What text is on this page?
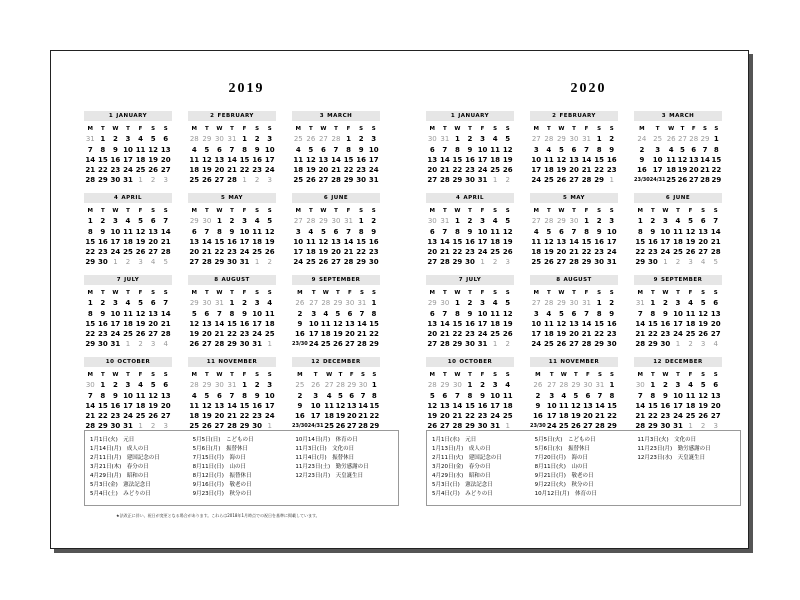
2019
1 JANUARY
M	T	W	T	F	S	S
31 1	2	3	4	5	6
7	8	9 10 11 12 13
14 15 16 17 18 19 20
21 22 23 24 25 26 27
28 29 30 31 1	2	3
2 FEBRUARY
M	T	W	T	F	S	S
28 29 30 31 1	2	3
4	5	6	7	8	9 10
11 12 13 14 15 16 17
18 19 20 21 22 23 24
25 26 27 28 1	2	3
3 MARCH
M	T	W	T	F	S	S
25 26 27 28 1	2	3
4	5	6	7	8	9 10
11 12 13 14 15 16 17
18 19 20 21 22 23 24
25 26 27 28 29 30 31
4 APRIL
M	T	W	T	F	S	S
1	2	3	4	5	6	7
8	9 10 11 12 13 14
15 16 17 18 19 20 21
22 23 24 25 26 27 28
29 30 1	2	3	4	5
5 MAY
M	T	W	T	F	S	S
29 30 1	2	3	4	5
6	7	8	9 10 11 12
13 14 15 16 17 18 19
20 21 22 23 24 25 26
27 28 29 30 31 1	2
6 JUNE
M	T	W	T	F	S	S
27 28 29 30 31 1	2
3	4	5	6	7	8	9
10 11 12 13 14 15 16
17 18 19 20 21 22 23
24 25 26 27 28 29 30
7 JULY
M	T	W	T	F	S	S
1	2	3	4	5	6	7
8	9 10 11 12 13 14
15 16 17 18 19 20 21
22 23 24 25 26 27 28
29 30 31 1	2	3	4
8 AUGUST
M	T	W	T	F	S	S
29 30 31 1	2	3	4
5	6	7	8	9 10 11
12 13 14 15 16 17 18
19 20 21 22 23 24 25
26 27 28 29 30 31 1
9 SEPTEMBER
M	T	W	T	F	S	S
26 27 28 29 30 31 1
2	3	4	5	6	7	8
9 10 11 12 13 14 15
16 17 18 19 20 21 22
23/30 24 25 26 27 28 29
10 OCTOBER
M	T	W	T	F	S	S
30 1	2	3	4	5	6
7	8	9 10 11 12 13
14 15 16 17 18 19 20
21 22 23 24 25 26 27
28 29 30 31 1	2	3
11 NOVEMBER
M	T	W	T	F	S	S
28 29 30 31 1	2	3
4	5	6	7	8	9 10
11 12 13 14 15 16 17
18 19 20 21 22 23 24
25 26 27 28 29 30 1
12 DECEMBER
M	T	W	T	F	S	S
25 26 27 28 29 30 1
2	3	4 5 6 7 8
9	10 11 12 13 14 15
16 17 18 19 20 21 22
23/30 24/31 25 26 27 28 29
1月1日(火)　元日
1月14日(月)　成人の日
2月11日(月)　建国記念の日
3月21日(木)　春分の日
4月29日(月)　昭和の日
5月3日(金)　憲法記念日
5月4日(土)　みどりの日
5月5日(日)　こどもの日
5月6日(月)　振替休日
7月15日(月)　海の日
8月11日(日)　山の日
8月12日(月)　振替休日
9月16日(月)　敬老の日
9月23日(月)　秋分の日
10月14日(月)　体育の日
11月3日(日)　文化の日
11月4日(月)　振替休日
11月23日(土)　勤労感謝の日
12月23日(月)　天皇誕生日
2020
1 JANUARY
M	T	W	T	F	S	S
30 31 1	2	3	4	5
6	7	8	9 10 11 12
13 14 15 16 17 18 19
20 21 22 23 24 25 26
27 28 29 30 31 1	2
2 FEBRUARY
M	T	W	T	F	S	S
27 28 29 30 31 1	2
3	4	5	6	7	8	9
10 11 12 13 14 15 16
17 18 19 20 21 22 23
24 25 26 27 28 29 1
3 MARCH
M	T	W	T	F	S	S
24 25 26 27 28 29 1
2	3	4 5 6 7 8
9	10 11 12 13 14 15
16 17 18 19 20 21 22
23/30 24/31 25 26 27 28 29
4 APRIL
M	T	W	T	F	S	S
30 31 1	2	3	4	5
6	7	8	9 10 11 12
13 14 15 16 17 18 19
20 21 22 23 24 25 26
27 28 29 30 1	2	3
5 MAY
M	T	W	T	F	S	S
27 28 29 30 1	2	3
4	5	6	7	8	9 10
11 12 13 14 15 16 17
18 19 20 21 22 23 24
25 26 27 28 29 30 31
6 JUNE
M	T	W	T	F	S	S
1	2	3	4	5	6	7
8	9 10 11 12 13 14
15 16 17 18 19 20 21
22 23 24 25 26 27 28
29 30 1	2	3	4	5
7 JULY
M	T	W	T	F	S	S
29 30 1	2	3	4	5
6	7	8	9 10 11 12
13 14 15 16 17 18 19
20 21 22 23 24 25 26
27 28 29 30 31 1	2
8 AUGUST
M	T	W	T	F	S	S
27 28 29 30 31 1	2
3	4	5	6	7	8	9
10 11 12 13 14 15 16
17 18 19 20 21 22 23
24 25 26 27 28 29 30
9 SEPTEMBER
M	T	W	T	F	S	S
31 1	2	3	4	5	6
7	8	9 10 11 12 13
14 15 16 17 18 19 20
21 22 23 24 25 26 27
28 29 30 1	2	3	4
10 OCTOBER
M	T	W	T	F	S	S
28 29 30 1	2	3	4
5	6	7	8	9 10 11
12 13 14 15 16 17 18
19 20 21 22 23 24 25
26 27 28 29 30 31 1
11 NOVEMBER
M	T	W	T	F	S	S
26 27 28 29 30 31 1
2	3	4	5	6	7	8
9 10 11 12 13 14 15
16 17 18 19 20 21 22
23/30 24 25 26 27 28 29
12 DECEMBER
M	T	W	T	F	S	S
30 1	2	3	4	5	6
7	8	9 10 11 12 13
14 15 16 17 18 19 20
21 22 23 24 25 26 27
28 29 30 31 1	2	3
1月1日(水)　元日
1月13日(月)　成人の日
2月11日(火)　建国記念の日
3月20日(金)　春分の日
4月29日(水)　昭和の日
5月3日(日)　憲法記念日
5月4日(月)　みどりの日
5月5日(火)　こどもの日
5月6日(水)　振替休日
7月20日(月)　海の日
8月11日(火)　山の日
9月21日(月)　敬老の日
9月22日(火)　秋分の日
10月12日(月)　体育の日
11月3日(火)　文化の日
11月23日(月)　勤労感謝の日
12月23日(水)　天皇誕生日
★法改正に伴い、祝日が変更となる場合があります。これらは2018年1月時点での祝日を基準に掲載しています。
